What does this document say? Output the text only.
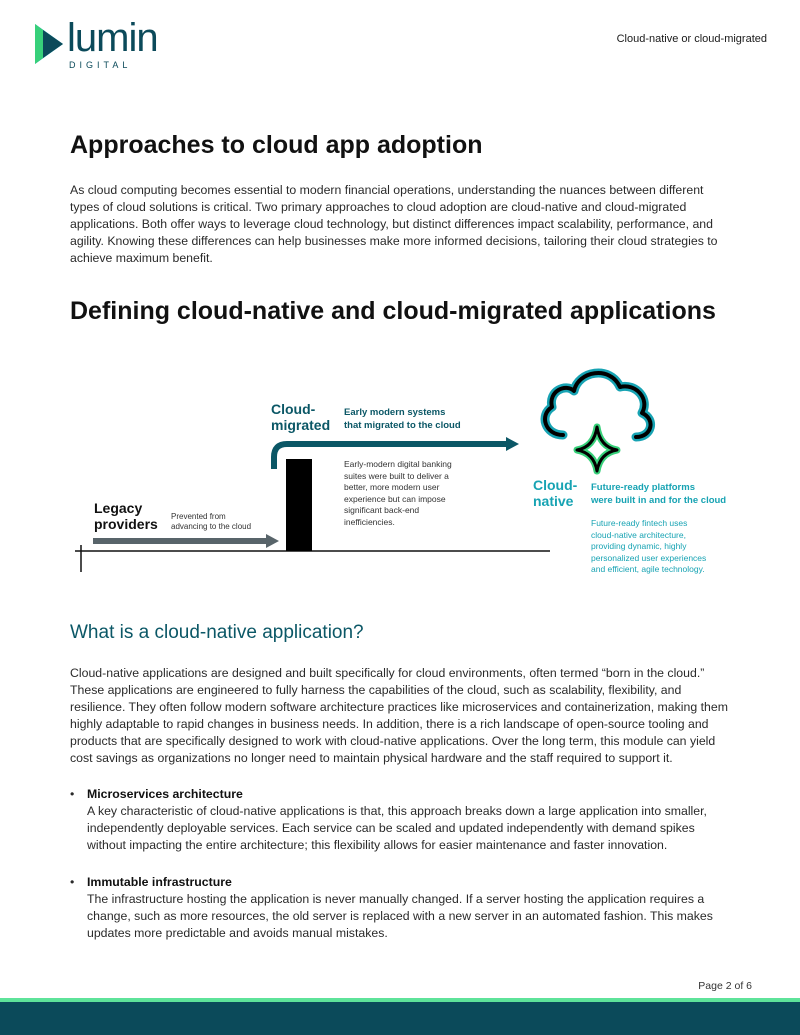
lumin
DIGITAL
Cloud-native or cloud-migrated
Approaches to cloud app adoption

As cloud computing becomes essential to modern financial operations, understanding the nuances between different types of cloud solutions is critical. Two primary approaches to cloud adoption are cloud-native and cloud-migrated applications. Both offer ways to leverage cloud technology, but distinct differences impact scalability, performance, and agility. Knowing these differences can help businesses make more informed decisions, tailoring their cloud strategies to achieve maximum benefit.

Defining cloud-native and cloud-migrated applications
Legacy
providers Prevented from
advancing to the cloud
Cloud-
migrated
Early modern systems
that migrated to the cloud
Early-modern digital banking
suites were built to deliver a
better, more modern user
experience but can impose
significant back-end
inefficiencies.
Cloud-
native
Future-ready platforms
were built in and for the cloud
Future-ready fintech uses
cloud-native architecture,
providing dynamic, highly
personalized user experiences
and efficient, agile technology.
What is a cloud-native application?

Cloud-native applications are designed and built specifically for cloud environments, often termed “born in the cloud.” These applications are engineered to fully harness the capabilities of the cloud, such as scalability, flexibility, and resilience. They often follow modern software architecture practices like microservices and containerization, making them highly adaptable to rapid changes in business needs. In addition, there is a rich landscape of open-source tooling and products that are specifically designed to work with cloud-native applications. Over the long term, this module can yield cost savings as organizations no longer need to maintain physical hardware and the staff required to support it.

• Microservices architecture

A key characteristic of cloud-native applications is that, this approach breaks down a large application into smaller, independently deployable services. Each service can be scaled and updated independently with demand spikes without impacting the entire architecture; this flexibility allows for easier maintenance and faster innovation.

• Immutable infrastructure

The infrastructure hosting the application is never manually changed. If a server hosting the application requires a change, such as more resources, the old server is replaced with a new server in an automated fashion. This makes updates more predictable and avoids manual mistakes.

Page 2 of 6
